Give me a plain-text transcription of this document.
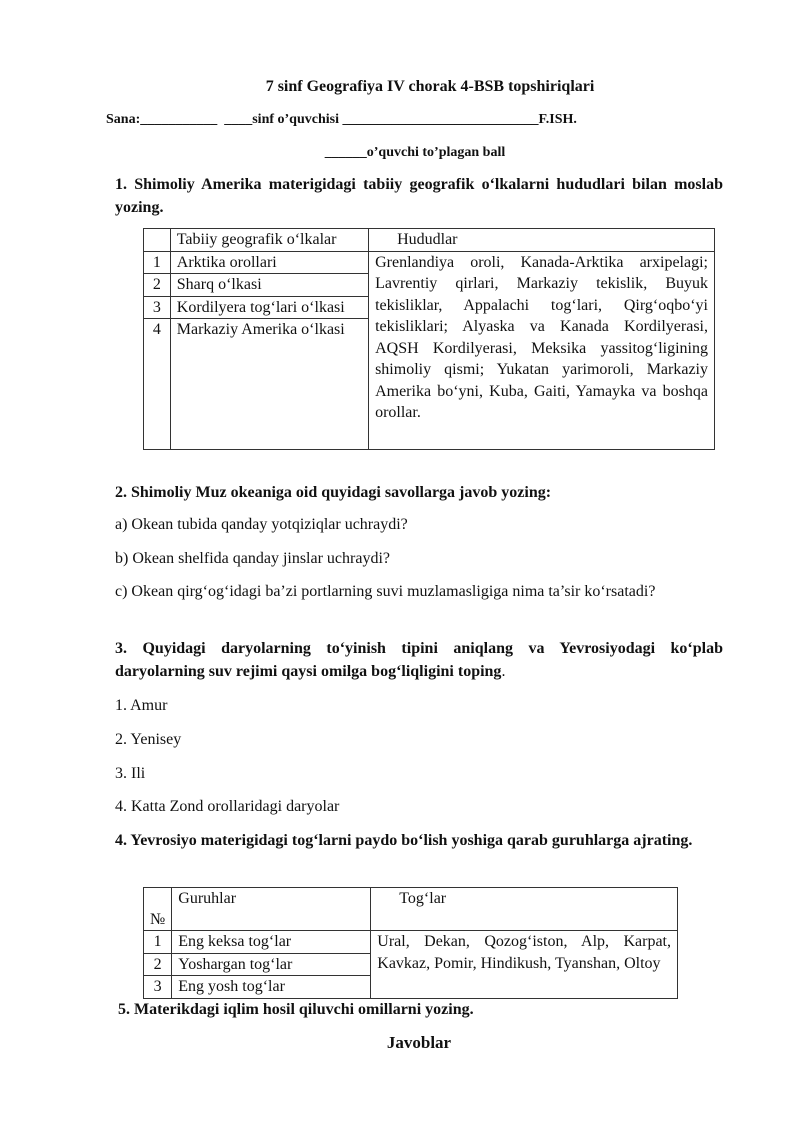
7 sinf Geografiya IV chorak 4-BSB topshiriqlari
Sana:___________  ____sinf o’quvchisi ____________________________F.ISH.
______o’quvchi to’plagan ball
1. Shimoliy Amerika materigidagi tabiiy geografik o‘lkalarni hududlari bilan moslab yozing.
	Tabiiy geografik o‘lkalar	Hududlar
1	Arktika orollari	Grenlandiya oroli, Kanada-Arktika arxipelagi; Lavrentiy qirlari, Markaziy tekislik, Buyuk tekisliklar, Appalachi tog‘lari, Qirg‘oqbo‘yi tekisliklari; Alyaska va Kanada Kordilyerasi, AQSH Kordilyerasi, Meksika yassitog‘ligining shimoliy qismi; Yukatan yarimoroli, Markaziy Amerika bo‘yni, Kuba, Gaiti, Yamayka va boshqa orollar.
2	Sharq o‘lkasi	
3	Kordilyera tog‘lari o‘lkasi	
4	Markaziy Amerika o‘lkasi	

2. Shimoliy Muz okeaniga oid quyidagi savollarga javob yozing:
a) Okean tubida qanday yotqiziqlar uchraydi?
b) Okean shelfida qanday jinslar uchraydi?
c) Okean qirg‘og‘idagi ba’zi portlarning suvi muzlamasligiga nima ta’sir ko‘rsatadi?
3. Quyidagi daryolarning to‘yinish tipini aniqlang va Yevrosiyodagi ko‘plab daryolarning suv rejimi qaysi omilga bog‘liqligini toping.
1. Amur
2. Yenisey
3. Ili
4. Katta Zond orollaridagi daryolar
4. Yevrosiyo materigidagi tog‘larni paydo bo‘lish yoshiga qarab guruhlarga ajrating.
№	Guruhlar	Tog‘lar
1	Eng keksa tog‘lar	Ural, Dekan, Qozog‘iston, Alp, Karpat, Kavkaz, Pomir, Hindikush, Tyanshan, Oltoy
2	Yoshargan tog‘lar	
3	Eng yosh tog‘lar	
5. Materikdagi iqlim hosil qiluvchi omillarni yozing.
Javoblar
